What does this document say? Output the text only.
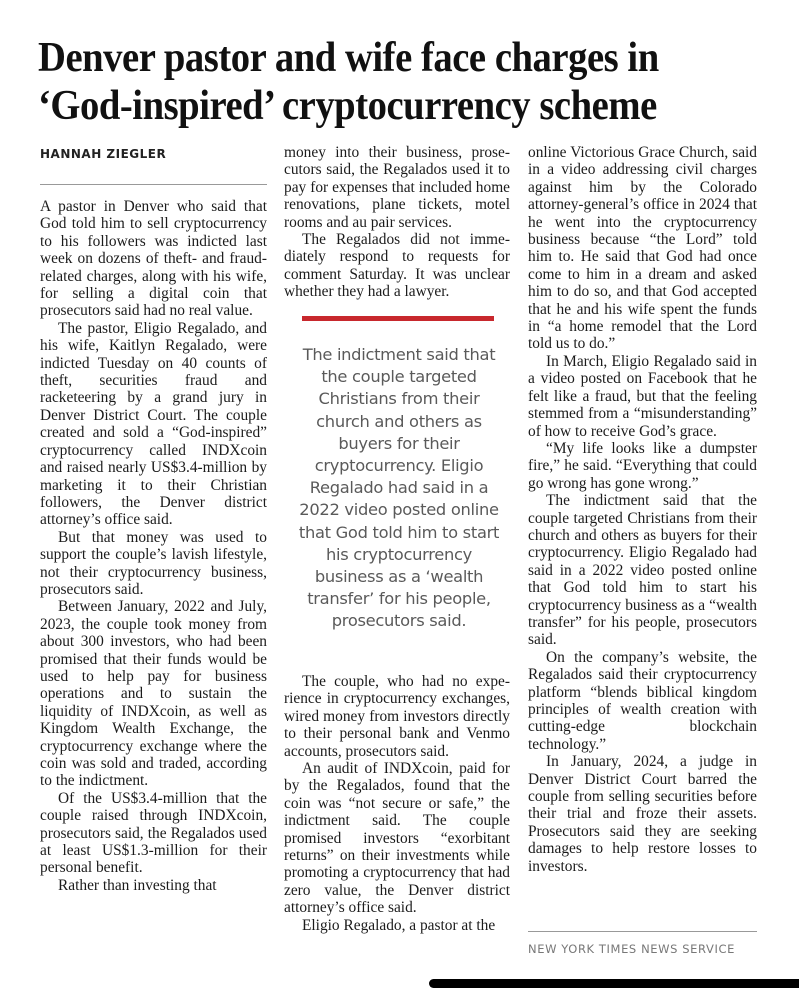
Denver pastor and wife face charges in ‘God-inspired’ cryptocurrency scheme
HANNAH ZIEGLER

A pastor in Denver who said that God told him to sell cryptocurrency to his followers was indicted last week on dozens of theft- and fraud-related charges, along with his wife, for selling a digital coin that prosecutors said had no real value.

The pastor, Eligio Regalado, and his wife, Kaitlyn Regalado, were indicted Tuesday on 40 counts of theft, securities fraud and racketeering by a grand jury in Denver District Court. The couple created and sold a “God-inspired” cryptocurrency called INDXcoin and raised nearly US$3.4-million by marketing it to their Christian followers, the Denver district attorney’s office said.

But that money was used to support the couple’s lavish lifestyle, not their cryptocurrency business, prosecutors said.

Between January, 2022 and July, 2023, the couple took money from about 300 investors, who had been promised that their funds would be used to help pay for business operations and to sustain the liquidity of INDXcoin, as well as Kingdom Wealth Exchange, the cryptocurrency exchange where the coin was sold and traded, according to the indictment.

Of the US$3.4-million that the couple raised through INDXcoin, prosecutors said, the Regalados used at least US$1.3-million for their personal benefit.

Rather than investing that

money into their business, prosecutors said, the Regalados used it to pay for expenses that included home renovations, plane tickets, motel rooms and au pair services.

The Regalados did not immediately respond to requests for comment Saturday. It was unclear whether they had a lawyer.

The indictment said that the couple targeted Christians from their church and others as buyers for their cryptocurrency. Eligio Regalado had said in a 2022 video posted online that God told him to start his cryptocurrency business as a ‘wealth transfer’ for his people, prosecutors said.

The couple, who had no experience in cryptocurrency exchanges, wired money from investors directly to their personal bank and Venmo accounts, prosecutors said.

An audit of INDXcoin, paid for by the Regalados, found that the coin was “not secure or safe,” the indictment said. The couple promised investors “exorbitant returns” on their investments while promoting a cryptocurrency that had zero value, the Denver district attorney’s office said.

Eligio Regalado, a pastor at the

online Victorious Grace Church, said in a video addressing civil charges against him by the Colorado attorney-general’s office in 2024 that he went into the cryptocurrency business because “the Lord” told him to. He said that God had once come to him in a dream and asked him to do so, and that God accepted that he and his wife spent the funds in “a home remodel that the Lord told us to do.”

In March, Eligio Regalado said in a video posted on Facebook that he felt like a fraud, but that the feeling stemmed from a “misunderstanding” of how to receive God’s grace.

“My life looks like a dumpster fire,” he said. “Everything that could go wrong has gone wrong.”

The indictment said that the couple targeted Christians from their church and others as buyers for their cryptocurrency. Eligio Regalado had said in a 2022 video posted online that God told him to start his cryptocurrency business as a “wealth transfer” for his people, prosecutors said.

On the company’s website, the Regalados said their cryptocurrency platform “blends biblical kingdom principles of wealth creation with cutting-edge blockchain technology.”

In January, 2024, a judge in Denver District Court barred the couple from selling securities before their trial and froze their assets. Prosecutors said they are seeking damages to help restore losses to investors.

NEW YORK TIMES NEWS SERVICE
